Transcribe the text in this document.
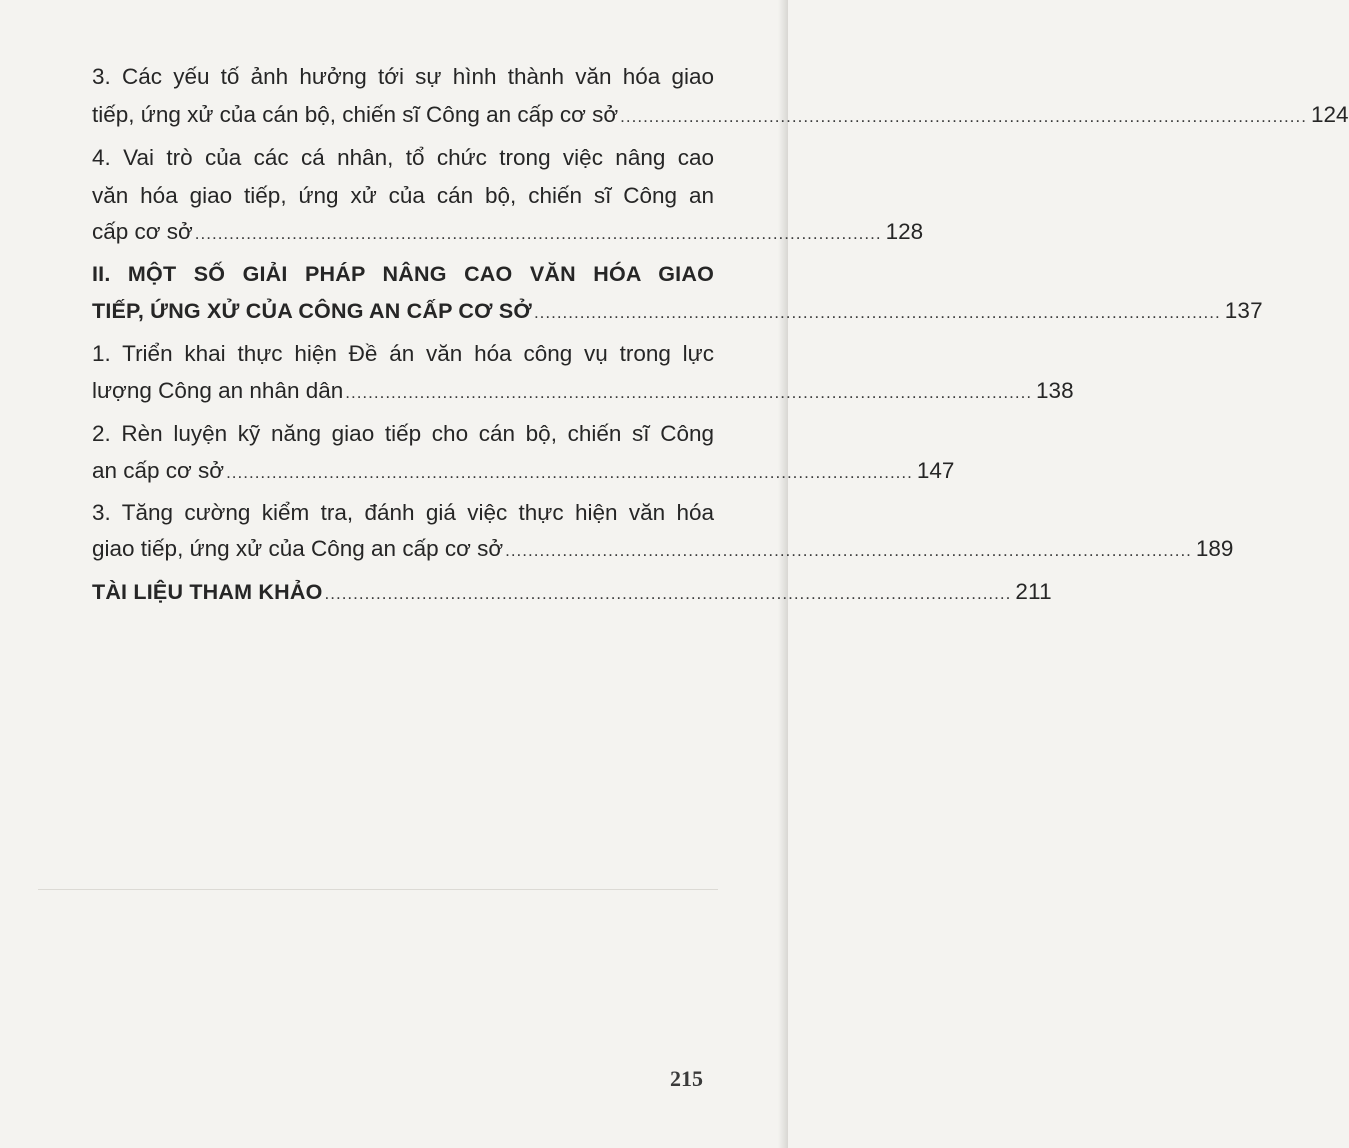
3. Các yếu tố ảnh hưởng tới sự hình thành văn hóa giao
tiếp, ứng xử của cán bộ, chiến sĩ Công an cấp cơ sở ........................................................................................................................ 124
4. Vai trò của các cá nhân, tổ chức trong việc nâng cao
văn hóa giao tiếp, ứng xử của cán bộ, chiến sĩ Công an
cấp cơ sở ........................................................................................................................ 128
II. MỘT SỐ GIẢI PHÁP NÂNG CAO VĂN HÓA GIAO
TIẾP, ỨNG XỬ CỦA CÔNG AN CẤP CƠ SỞ ........................................................................................................................ 137
1. Triển khai thực hiện Đề án văn hóa công vụ trong lực
lượng Công an nhân dân ........................................................................................................................ 138
2. Rèn luyện kỹ năng giao tiếp cho cán bộ, chiến sĩ Công
an cấp cơ sở ........................................................................................................................ 147
3. Tăng cường kiểm tra, đánh giá việc thực hiện văn hóa
giao tiếp, ứng xử của Công an cấp cơ sở ........................................................................................................................ 189
TÀI LIỆU THAM KHẢO ........................................................................................................................ 211
215
